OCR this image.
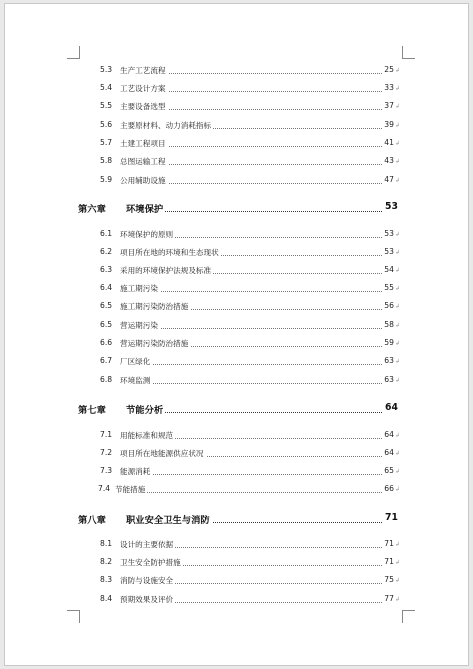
5.3 生产工艺流程	25↲
5.4 工艺设计方案	33↲
5.5 主要设备选型	37↲
5.6 主要原材料、动力消耗指标	39↲
5.7 土建工程项目	41↲
5.8 总图运输工程	43↲
5.9 公用辅助设施	47↲
第六章 环境保护	53
6.1 环境保护的原则	53↲
6.2 项目所在地的环境和生态现状	53↲
6.3 采用的环境保护法规及标准	54↲
6.4 施工期污染	55↲
6.5 施工期污染防治措施	56↲
6.5 营运期污染	58↲
6.6 营运期污染防治措施	59↲
6.7 厂区绿化	63↲
6.8 环境监测	63↲
第七章 节能分析	64
7.1 用能标准和规范	64↲
7.2 项目所在地能源供应状况	64↲
7.3 能源消耗	65↲
7.4 节能措施	66↲
第八章 职业安全卫生与消防	71
8.1 设计的主要依据	71↲
8.2 卫生安全防护措施	71↲
8.3 消防与设施安全	75↲
8.4 预期效果及评价	77↲
